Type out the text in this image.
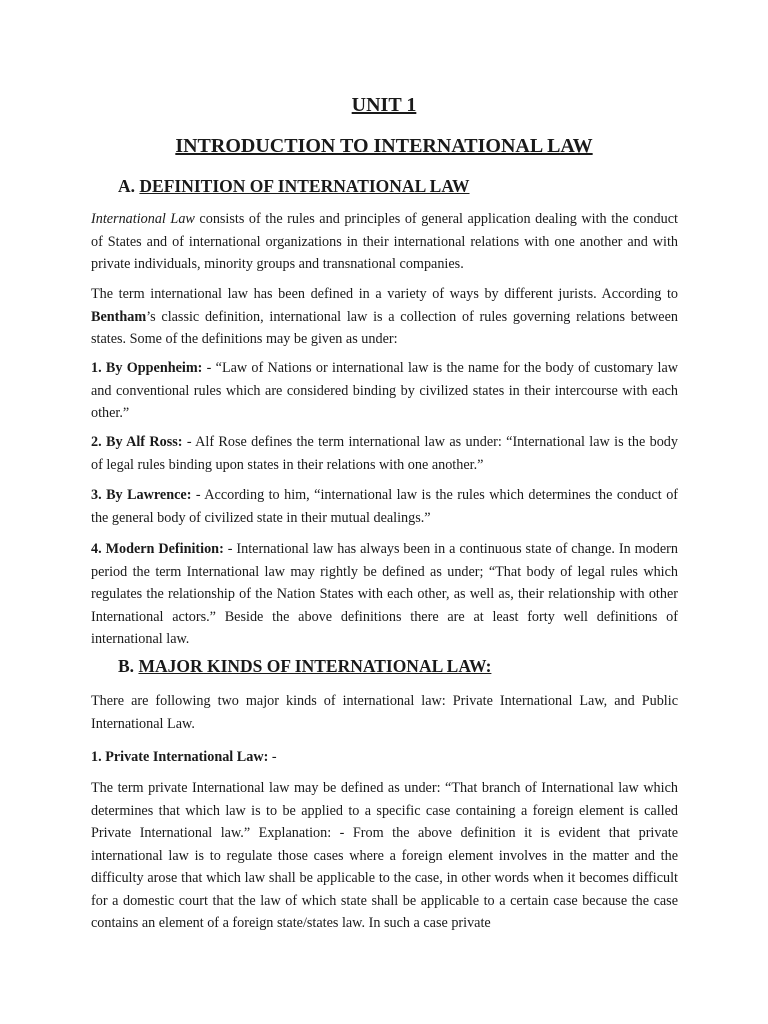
UNIT 1
INTRODUCTION TO INTERNATIONAL LAW
A. DEFINITION OF INTERNATIONAL LAW

International Law consists of the rules and principles of general application dealing with the conduct of States and of international organizations in their international relations with one another and with private individuals, minority groups and transnational companies.

The term international law has been defined in a variety of ways by different jurists. According to Bentham’s classic definition, international law is a collection of rules governing relations between states. Some of the definitions may be given as under:

1. By Oppenheim: - “Law of Nations or international law is the name for the body of customary law and conventional rules which are considered binding by civilized states in their intercourse with each other.”

2. By Alf Ross: - Alf Rose defines the term international law as under: “International law is the body of legal rules binding upon states in their relations with one another.”

3. By Lawrence: - According to him, “international law is the rules which determines the conduct of the general body of civilized state in their mutual dealings.”

4. Modern Definition: - International law has always been in a continuous state of change. In modern period the term International law may rightly be defined as under; “That body of legal rules which regulates the relationship of the Nation States with each other, as well as, their relationship with other International actors.” Beside the above definitions there are at least forty well definitions of international law.

B. MAJOR KINDS OF INTERNATIONAL LAW:

There are following two major kinds of international law: Private International Law, and Public International Law.

1. Private International Law: -

The term private International law may be defined as under: “That branch of International law which determines that which law is to be applied to a specific case containing a foreign element is called Private International law.” Explanation: - From the above definition it is evident that private international law is to regulate those cases where a foreign element involves in the matter and the difficulty arose that which law shall be applicable to the case, in other words when it becomes difficult for a domestic court that the law of which state shall be applicable to a certain case because the case contains an element of a foreign state/states law. In such a case private
